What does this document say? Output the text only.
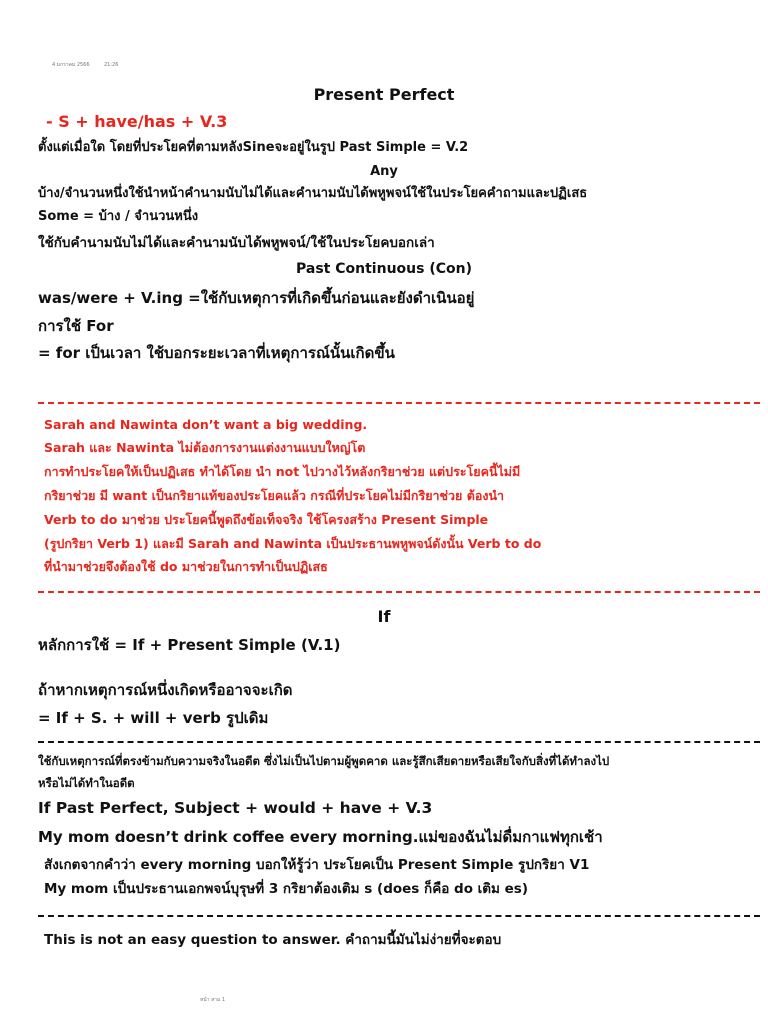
4 มกราคม 2566	21:26
Present Perfect
- S + have/has + V.3
ตั้งแต่เมื่อใด โดยที่ประโยคที่ตามหลังSineจะอยู่ในรูป Past Simple = V.2
Any
บ้าง/จำนวนหนึ่งใช้นำหน้าคำนามนับไม่ได้และคำนามนับได้พหูพจน์ใช้ในประโยคคำถามและปฏิเสธ
Some = บ้าง / จำนวนหนึ่ง
ใช้กับคำนามนับไม่ได้และคำนามนับได้พหูพจน์/ใช้ในประโยคบอกเล่า
Past Continuous (Con)
was/were + V.ing =ใช้กับเหตุการที่เกิดขึ้นก่อนและยังดำเนินอยู่
การใช้ For
= for เป็นเวลา ใช้บอกระยะเวลาที่เหตุการณ์นั้นเกิดขึ้น
Sarah and Nawinta don’t want a big wedding.
Sarah และ Nawinta ไม่ต้องการงานแต่งงานแบบใหญ่โต
การทำประโยคให้เป็นปฏิเสธ ทำได้โดย นำ not ไปวางไว้หลังกริยาช่วย แต่ประโยคนี้ไม่มี
กริยาช่วย มี want เป็นกริยาแท้ของประโยคแล้ว กรณีที่ประโยคไม่มีกริยาช่วย ต้องนำ
Verb to do มาช่วย ประโยคนี้พูดถึงข้อเท็จจริง ใช้โครงสร้าง Present Simple
(รูปกริยา Verb 1) และมี Sarah and Nawinta เป็นประธานพหูพจน์ดังนั้น Verb to do
ที่นำมาช่วยจึงต้องใช้ do มาช่วยในการทำเป็นปฏิเสธ
If
หลักการใช้ = If + Present Simple (V.1)
ถ้าหากเหตุการณ์หนึ่งเกิดหรืออาจจะเกิด
= If + S. + will + verb รูปเดิม
ใช้กับเหตุการณ์ที่ตรงข้ามกับความจริงในอดีต ซึ่งไม่เป็นไปตามผู้พูดคาด และรู้สึกเสียดายหรือเสียใจกับสิ่งที่ได้ทำลงไป
หรือไม่ได้ทำในอดีต
If Past Perfect, Subject + would + have + V.3
My mom doesn’t drink coffee every morning.แม่ของฉันไม่ดื่มกาแฟทุกเช้า
สังเกตจากคำว่า every morning บอกให้รู้ว่า ประโยคเป็น Present Simple รูปกริยา V1
My mom เป็นประธานเอกพจน์บุรุษที่ 3 กริยาต้องเติม s (does ก็คือ do เติม es)
This is not an easy question to answer. คำถามนี้มันไม่ง่ายที่จะตอบ
หน้า สาม 1
